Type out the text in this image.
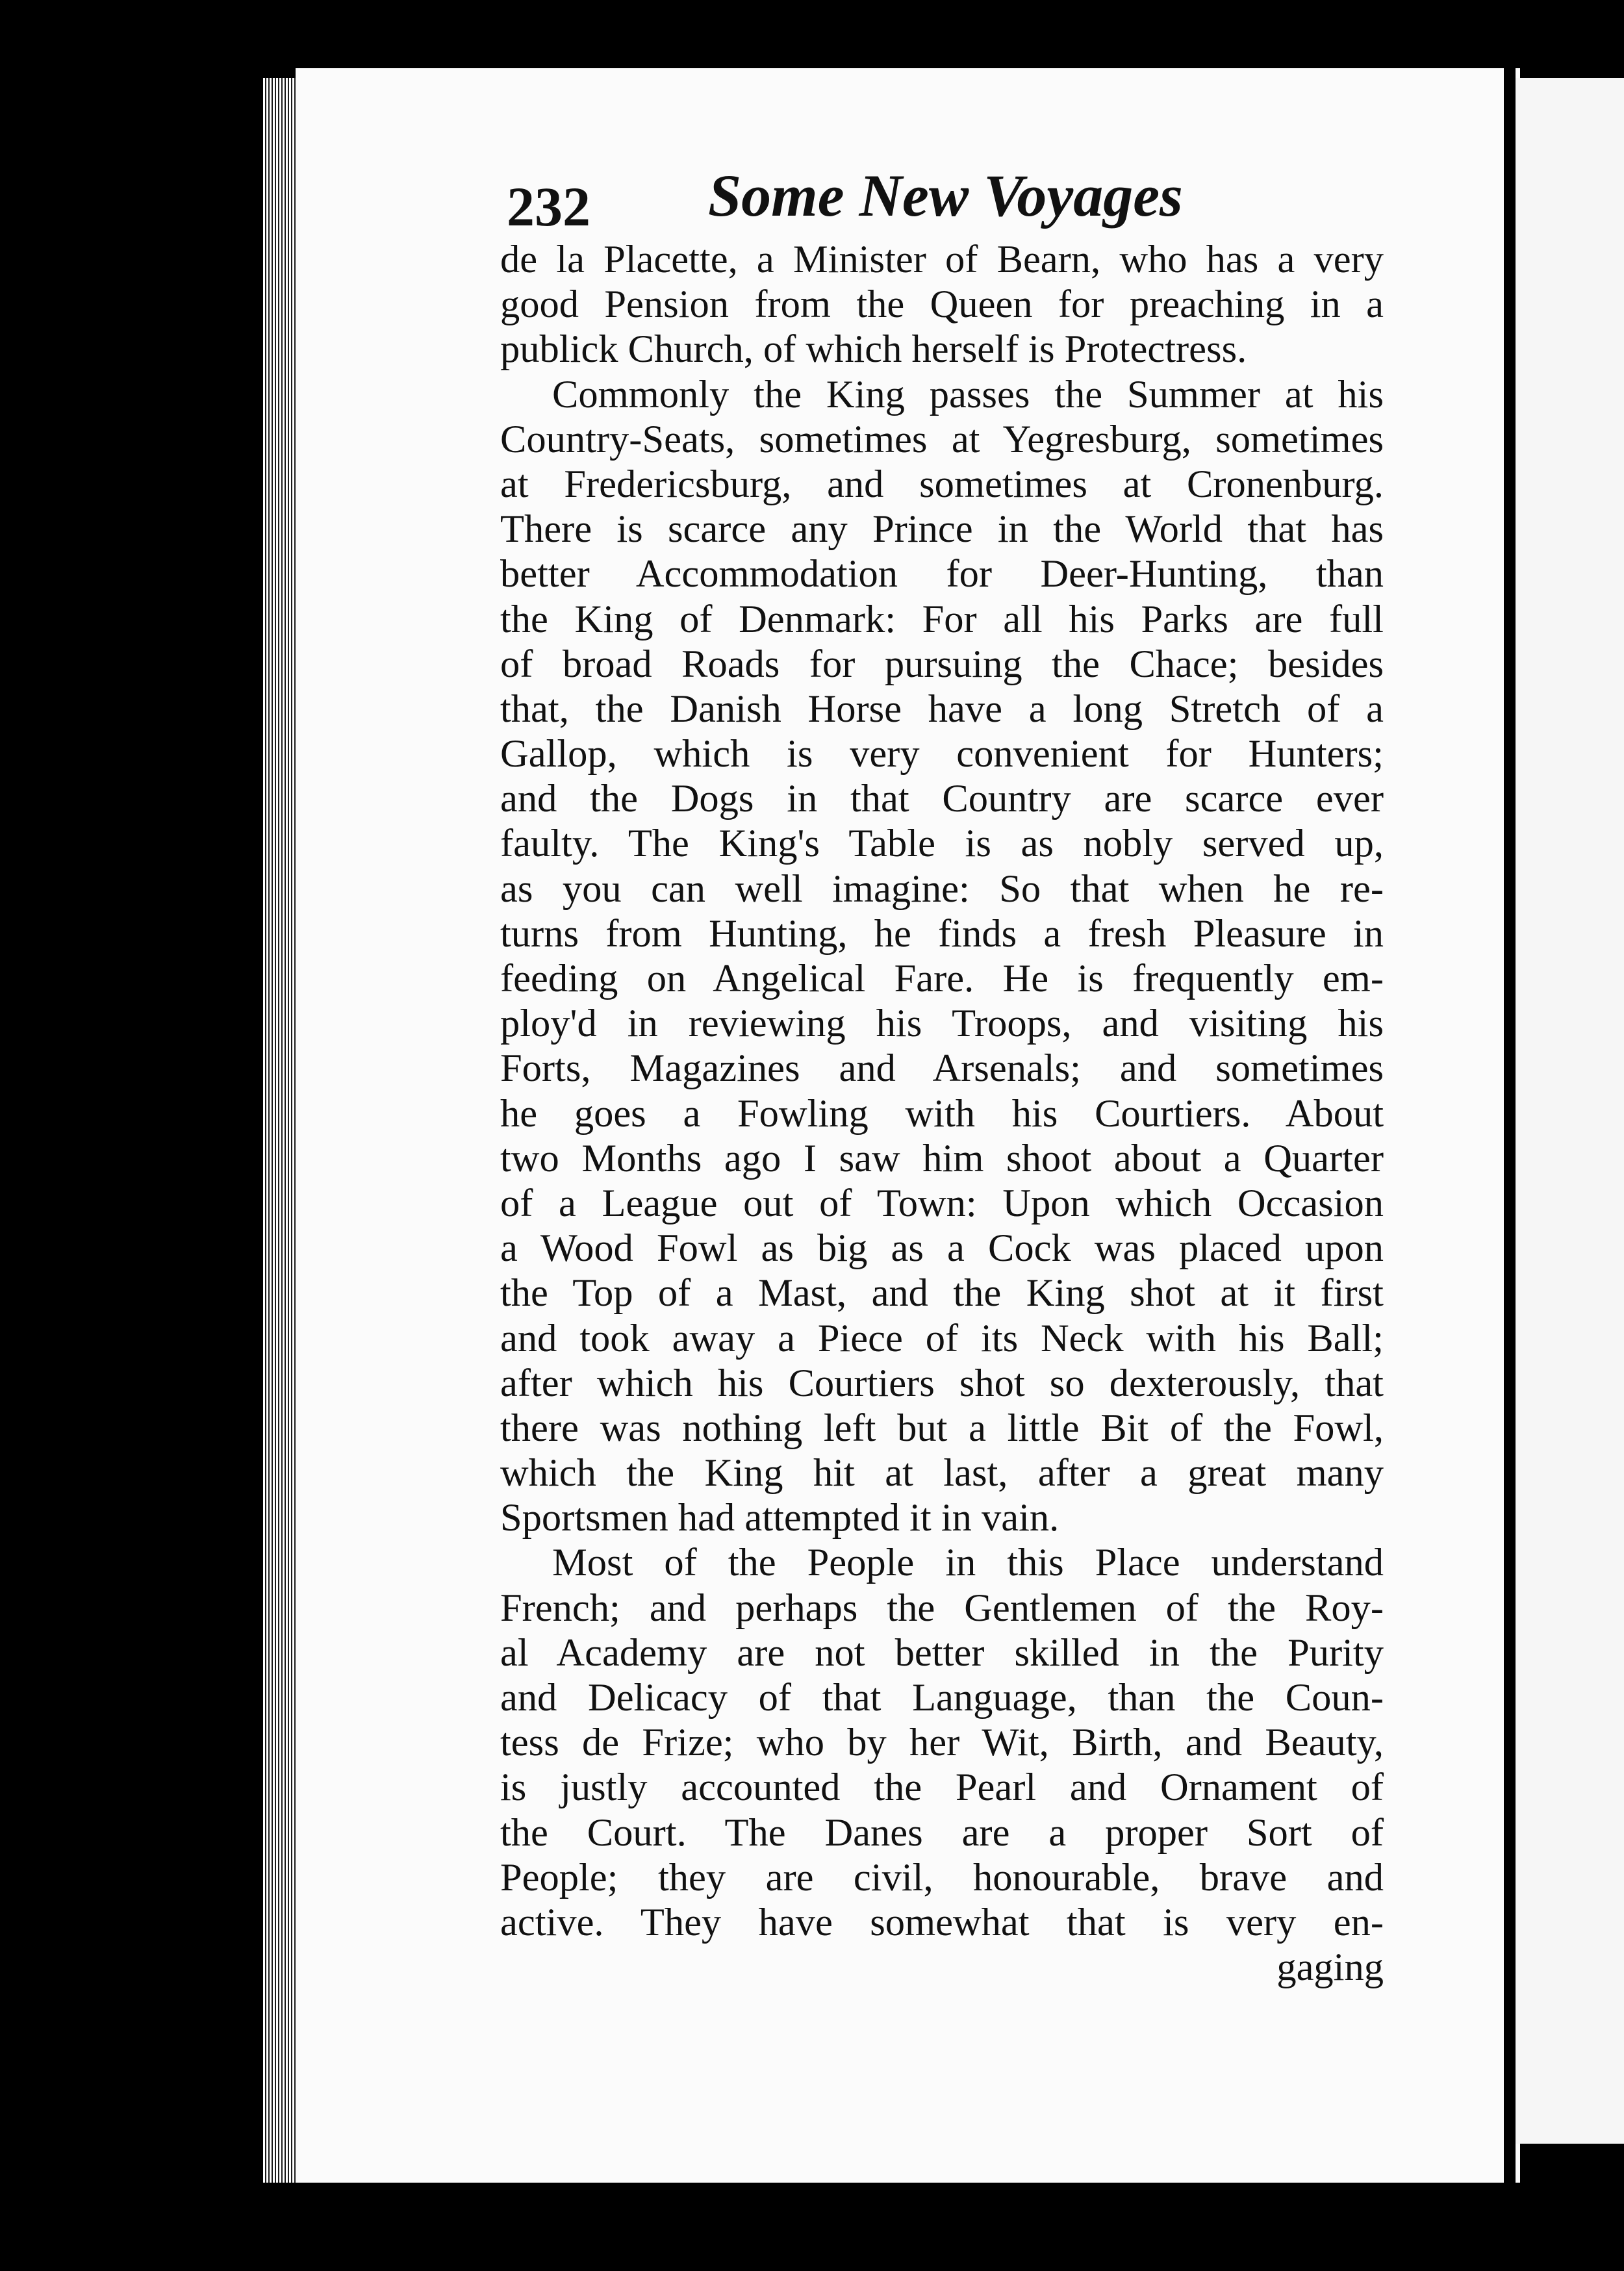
232 Some New Voyages
de la Placette, a Minister of Bearn, who has a very
good Pension from the Queen for preaching in a
publick Church, of which herself is Protectress.
Commonly the King passes the Summer at his
Country-Seats, sometimes at Yegresburg, sometimes
at Fredericsburg, and sometimes at Cronenburg.
There is scarce any Prince in the World that has
better Accommodation for Deer-Hunting, than
the King of Denmark: For all his Parks are full
of broad Roads for pursuing the Chace; besides
that, the Danish Horse have a long Stretch of a
Gallop, which is very convenient for Hunters;
and the Dogs in that Country are scarce ever
faulty. The King's Table is as nobly served up,
as you can well imagine: So that when he re-
turns from Hunting, he finds a fresh Pleasure in
feeding on Angelical Fare. He is frequently em-
ploy'd in reviewing his Troops, and visiting his
Forts, Magazines and Arsenals; and sometimes
he goes a Fowling with his Courtiers. About
two Months ago I saw him shoot about a Quarter
of a League out of Town: Upon which Occasion
a Wood Fowl as big as a Cock was placed upon
the Top of a Mast, and the King shot at it first
and took away a Piece of its Neck with his Ball;
after which his Courtiers shot so dexterously, that
there was nothing left but a little Bit of the Fowl,
which the King hit at last, after a great many
Sportsmen had attempted it in vain.
Most of the People in this Place understand
French; and perhaps the Gentlemen of the Roy-
al Academy are not better skilled in the Purity
and Delicacy of that Language, than the Coun-
tess de Frize; who by her Wit, Birth, and Beauty,
is justly accounted the Pearl and Ornament of
the Court. The Danes are a proper Sort of
People; they are civil, honourable, brave and
active. They have somewhat that is very en-
gaging
